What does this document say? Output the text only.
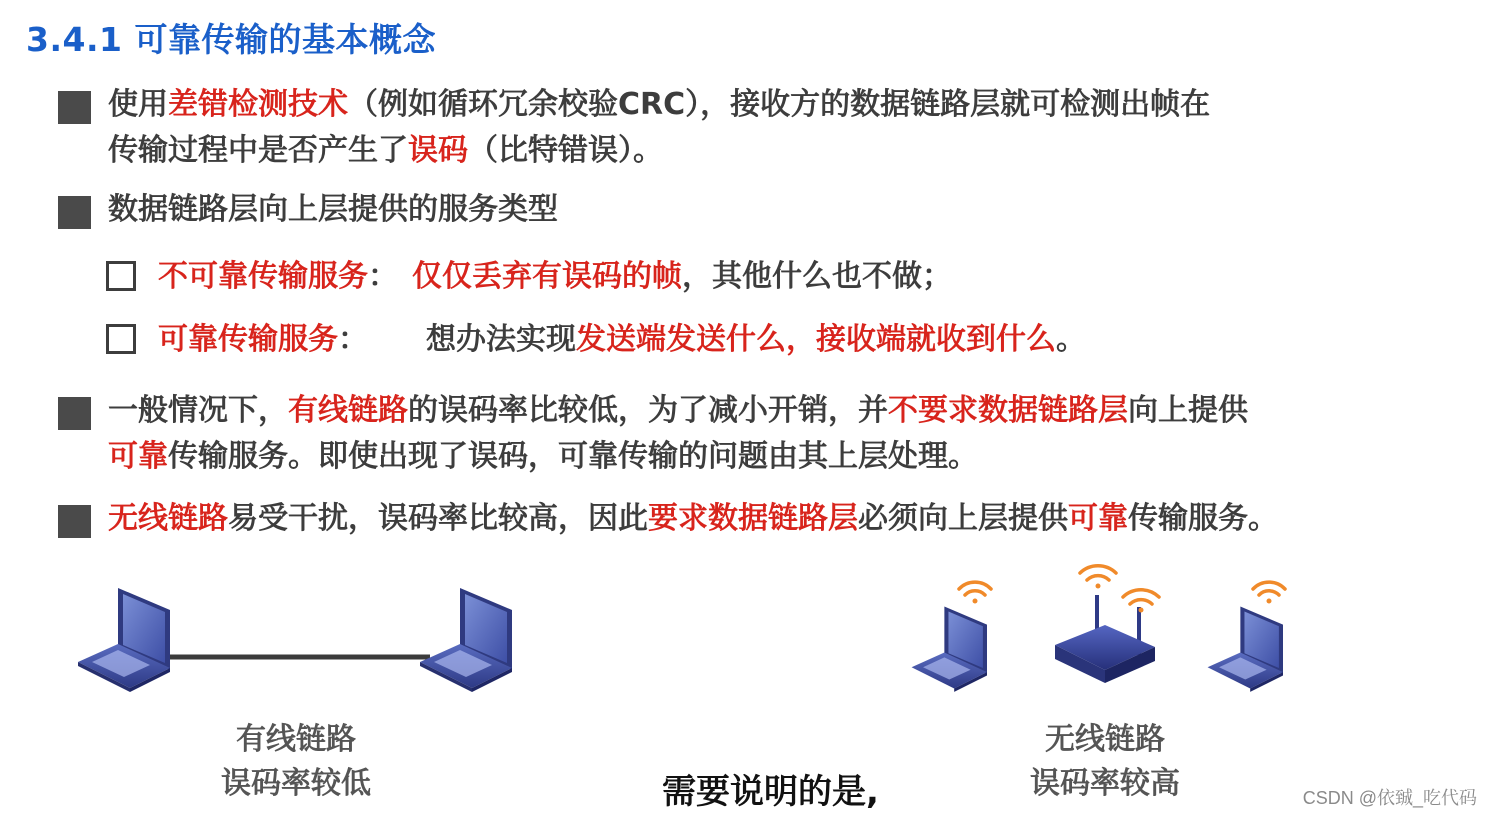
3.4.1 可靠传输的基本概念
使用差错检测技术（例如循环冗余校验CRC），接收方的数据链路层就可检测出帧在
传输过程中是否产生了误码（比特错误）。
数据链路层向上层提供的服务类型
不可靠传输服务： 仅仅丢弃有误码的帧，其他什么也不做；
可靠传输服务： 想办法实现发送端发送什么，接收端就收到什么。
一般情况下，有线链路的误码率比较低，为了减小开销，并不要求数据链路层向上提供
可靠传输服务。即使出现了误码，可靠传输的问题由其上层处理。
无线链路易受干扰，误码率比较高，因此要求数据链路层必须向上层提供可靠传输服务。
有线链路
误码率较低
无线链路
误码率较高
需要说明的是,	CSDN @依臹_吃代码
